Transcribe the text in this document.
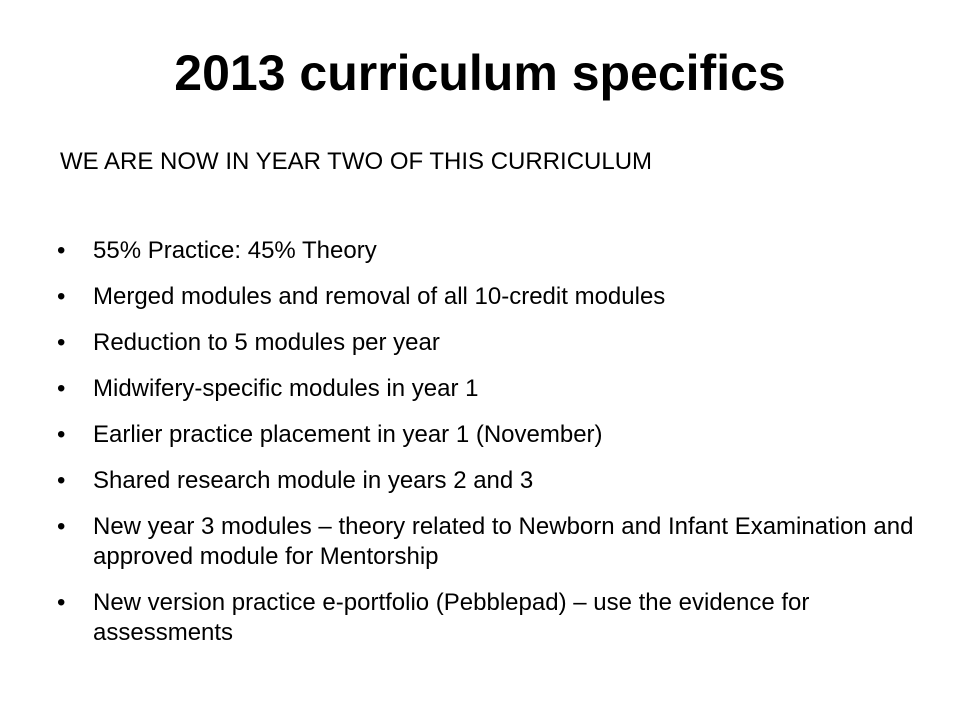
2013 curriculum specifics

WE ARE NOW IN YEAR TWO OF THIS CURRICULUM

•	55% Practice: 45% Theory
•	Merged modules and removal of all 10-credit modules
•	Reduction to 5 modules per year
•	Midwifery-specific modules in year 1
•	Earlier practice placement in year 1 (November)
•	Shared research module in years 2 and 3
•	New year 3 modules – theory related to Newborn and Infant Examination and approved module for Mentorship
•	New version practice e-portfolio (Pebblepad) – use the evidence for assessments
